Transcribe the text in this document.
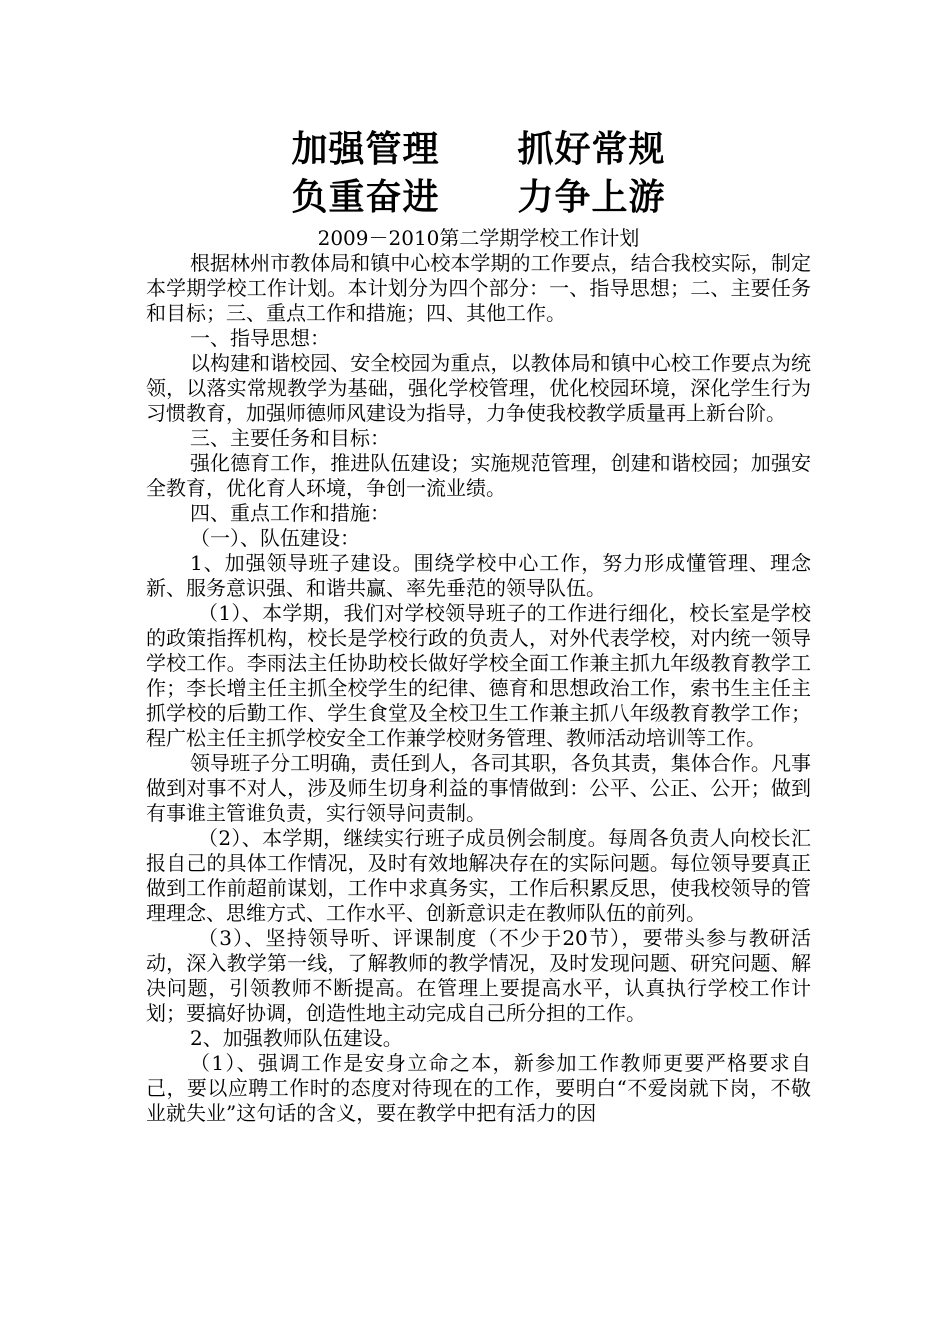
加强管理 抓好常规
负重奋进 力争上游
2009－2010第二学期学校工作计划

根据林州市教体局和镇中心校本学期的工作要点，结合我校实际，制定本学期学校工作计划。本计划分为四个部分：一、指导思想；二、主要任务和目标；三、重点工作和措施；四、其他工作。

一、指导思想：

以构建和谐校园、安全校园为重点，以教体局和镇中心校工作要点为统领，以落实常规教学为基础，强化学校管理，优化校园环境，深化学生行为习惯教育，加强师德师风建设为指导，力争使我校教学质量再上新台阶。

三、主要任务和目标：

强化德育工作，推进队伍建设；实施规范管理，创建和谐校园；加强安全教育，优化育人环境，争创一流业绩。

四、重点工作和措施：

（一）、队伍建设：

1、加强领导班子建设。围绕学校中心工作，努力形成懂管理、理念新、服务意识强、和谐共赢、率先垂范的领导队伍。

（1）、本学期，我们对学校领导班子的工作进行细化，校长室是学校的政策指挥机构，校长是学校行政的负责人，对外代表学校，对内统一领导学校工作。李雨法主任协助校长做好学校全面工作兼主抓九年级教育教学工作；李长增主任主抓全校学生的纪律、德育和思想政治工作，索书生主任主抓学校的后勤工作、学生食堂及全校卫生工作兼主抓八年级教育教学工作；程广松主任主抓学校安全工作兼学校财务管理、教师活动培训等工作。

领导班子分工明确，责任到人，各司其职，各负其责，集体合作。凡事做到对事不对人，涉及师生切身利益的事情做到：公平、公正、公开；做到有事谁主管谁负责，实行领导问责制。

（2）、本学期，继续实行班子成员例会制度。每周各负责人向校长汇报自己的具体工作情况，及时有效地解决存在的实际问题。每位领导要真正做到工作前超前谋划，工作中求真务实，工作后积累反思，使我校领导的管理理念、思维方式、工作水平、创新意识走在教师队伍的前列。

（3）、坚持领导听、评课制度（不少于20节），要带头参与教研活动，深入教学第一线，了解教师的教学情况，及时发现问题、研究问题、解决问题，引领教师不断提高。在管理上要提高水平，认真执行学校工作计划；要搞好协调，创造性地主动完成自己所分担的工作。

2、加强教师队伍建设。

（1）、强调工作是安身立命之本，新参加工作教师更要严格要求自己，要以应聘工作时的态度对待现在的工作，要明白“不爱岗就下岗，不敬业就失业”这句话的含义，要在教学中把有活力的因
